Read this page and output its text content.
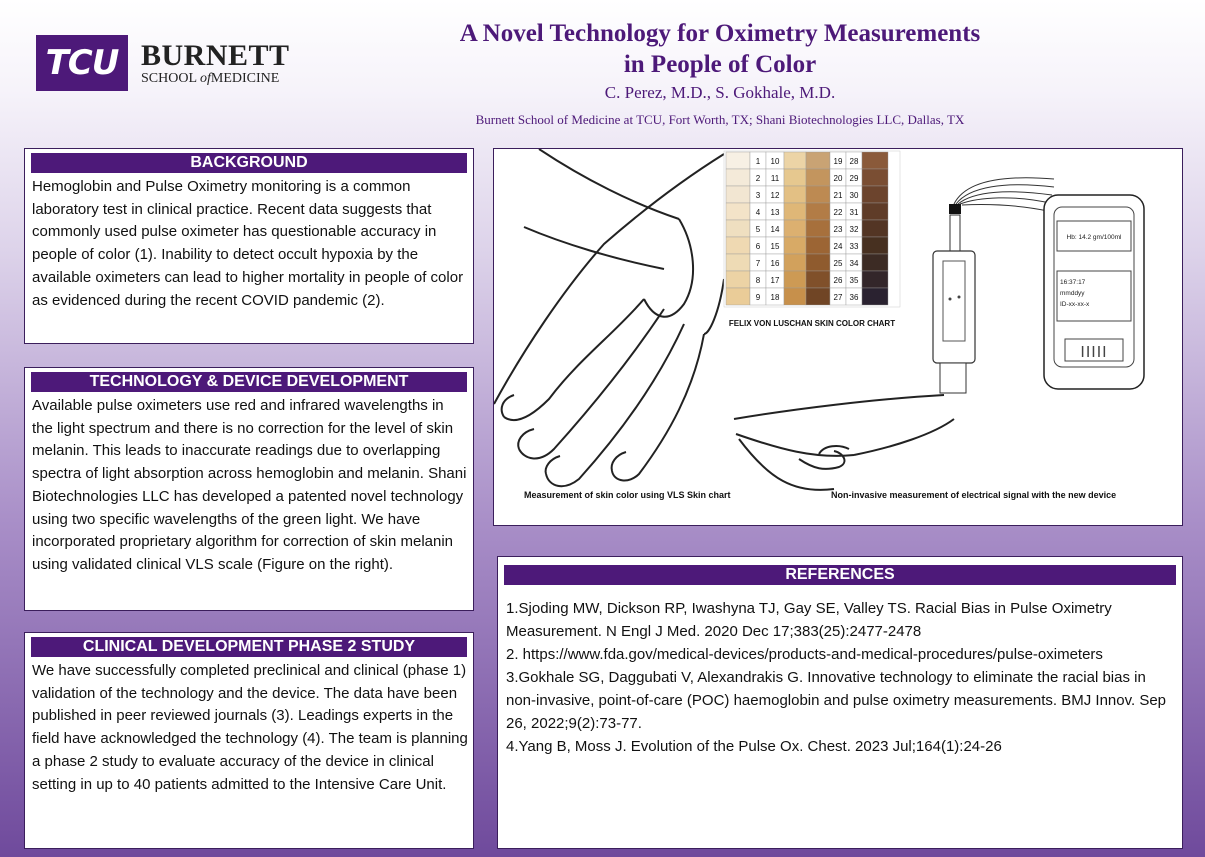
TCU BURNETT
SCHOOL ofMEDICINE
A Novel Technology for Oximetry Measurements
in People of Color
C. Perez, M.D., S. Gokhale, M.D.
Burnett School of Medicine at TCU, Fort Worth, TX; Shani Biotechnologies LLC, Dallas, TX
BACKGROUND
Hemoglobin and Pulse Oximetry monitoring is a common laboratory test in clinical practice. Recent data suggests that commonly used pulse oximeter has questionable accuracy in people of color (1). Inability to detect occult hypoxia by the available oximeters can lead to higher mortality in people of color as evidenced during the recent COVID pandemic (2).
TECHNOLOGY & DEVICE DEVELOPMENT
Available pulse oximeters use red and infrared wavelengths in the light spectrum and there is no correction for the level of skin melanin. This leads to inaccurate readings due to overlapping spectra of light absorption across hemoglobin and melanin. Shani Biotechnologies LLC has developed a patented novel technology using two specific wavelengths of the green light. We have incorporated proprietary algorithm for correction of skin melanin using validated clinical VLS scale (Figure on the right).
CLINICAL DEVELOPMENT PHASE 2 STUDY
We have successfully completed preclinical and clinical (phase 1) validation of the technology and the device. The data have been published in peer reviewed journals (3). Leadings experts in the field have acknowledged the technology (4). The team is planning a phase 2 study to evaluate accuracy of the device in clinical setting in up to 40 patients admitted to the Intensive Care Unit.
1
2
3
4
5
6
7
8
9
10
11
12
13
14
15
16
17
18
19
20
21
22
23
24
25
26
27
28
29
30
31
32
33
34
35
36
FELIX VON LUSCHAN SKIN COLOR CHART
Hb: 14.2 gm/100ml
16:37:17
mmddyy
ID-xx-xx-x
IIIII
Measurement of skin color using VLS Skin chart	Non-invasive measurement of electrical signal with the new device
REFERENCES

1.Sjoding MW, Dickson RP, Iwashyna TJ, Gay SE, Valley TS. Racial Bias in Pulse Oximetry Measurement. N Engl J Med. 2020 Dec 17;383(25):2477-2478

2. https://www.fda.gov/medical-devices/products-and-medical-procedures/pulse-oximeters

3.Gokhale SG, Daggubati V, Alexandrakis G. Innovative technology to eliminate the racial bias in non-invasive, point-of-care (POC) haemoglobin and pulse oximetry measurements. BMJ Innov. Sep 26, 2022;9(2):73-77.

4.Yang B, Moss J. Evolution of the Pulse Ox. Chest. 2023 Jul;164(1):24-26
